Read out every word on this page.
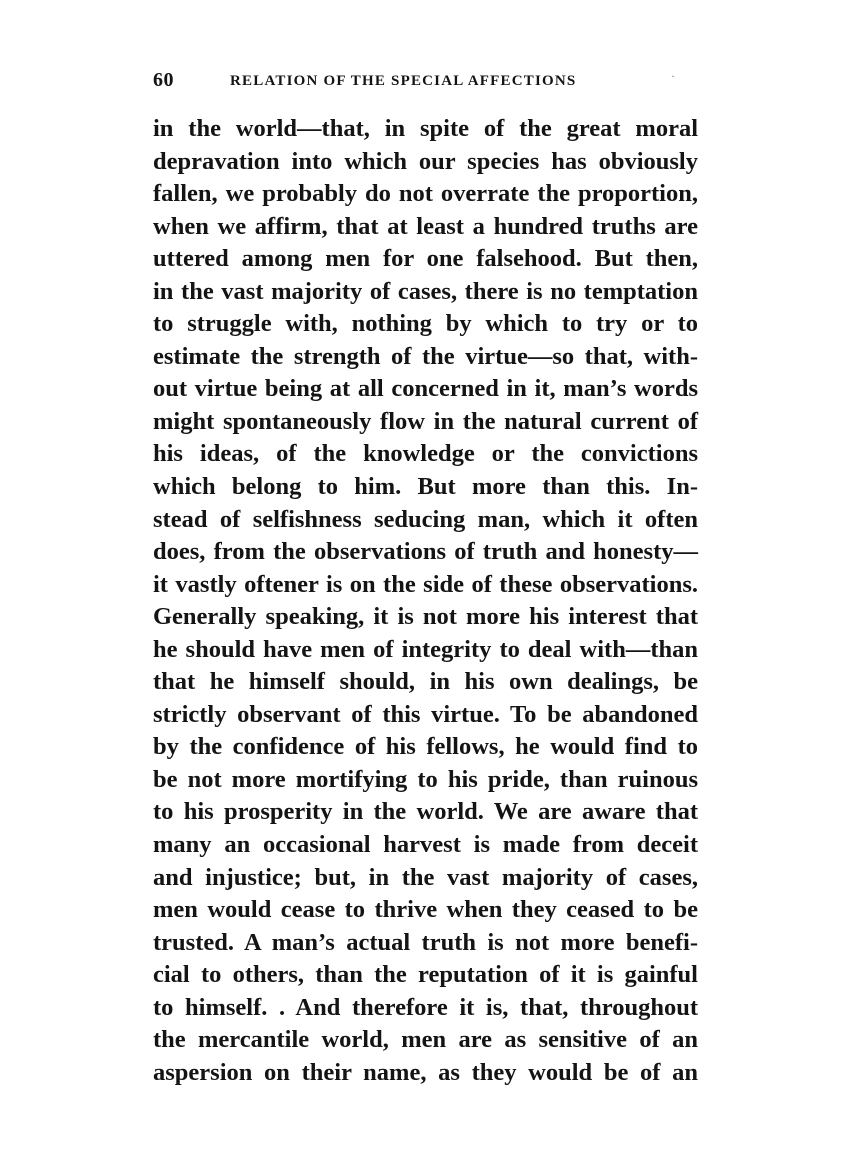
60	RELATION OF THE SPECIAL AFFECTIONS	·
in the world—that, in spite of the great moral
depravation into which our species has obviously
fallen, we probably do not overrate the proportion,
when we affirm, that at least a hundred truths are
uttered among men for one falsehood. But then,
in the vast majority of cases, there is no temptation
to struggle with, nothing by which to try or to
estimate the strength of the virtue—so that, with-
out virtue being at all concerned in it, man’s words
might spontaneously flow in the natural current of
his ideas, of the knowledge or the convictions
which belong to him. But more than this. In-
stead of selfishness seducing man, which it often
does, from the observations of truth and honesty—
it vastly oftener is on the side of these observations.
Generally speaking, it is not more his interest that
he should have men of integrity to deal with—than
that he himself should, in his own dealings, be
strictly observant of this virtue. To be abandoned
by the confidence of his fellows, he would find to
be not more mortifying to his pride, than ruinous
to his prosperity in the world. We are aware that
many an occasional harvest is made from deceit
and injustice; but, in the vast majority of cases,
men would cease to thrive when they ceased to be
trusted. A man’s actual truth is not more benefi-
cial to others, than the reputation of it is gainful
to himself. . And therefore it is, that, throughout
the mercantile world, men are as sensitive of an
aspersion on their name, as they would be of an
